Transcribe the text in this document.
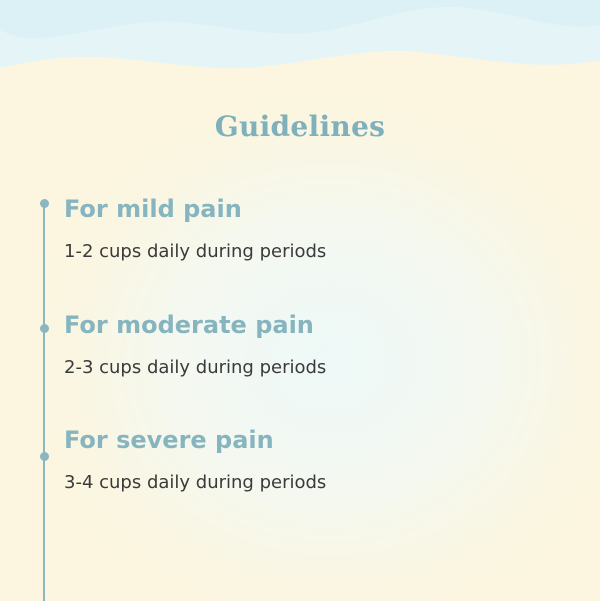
Guidelines
For mild pain
1-2 cups daily during periods
For moderate pain
2-3 cups daily during periods
For severe pain
3-4 cups daily during periods
